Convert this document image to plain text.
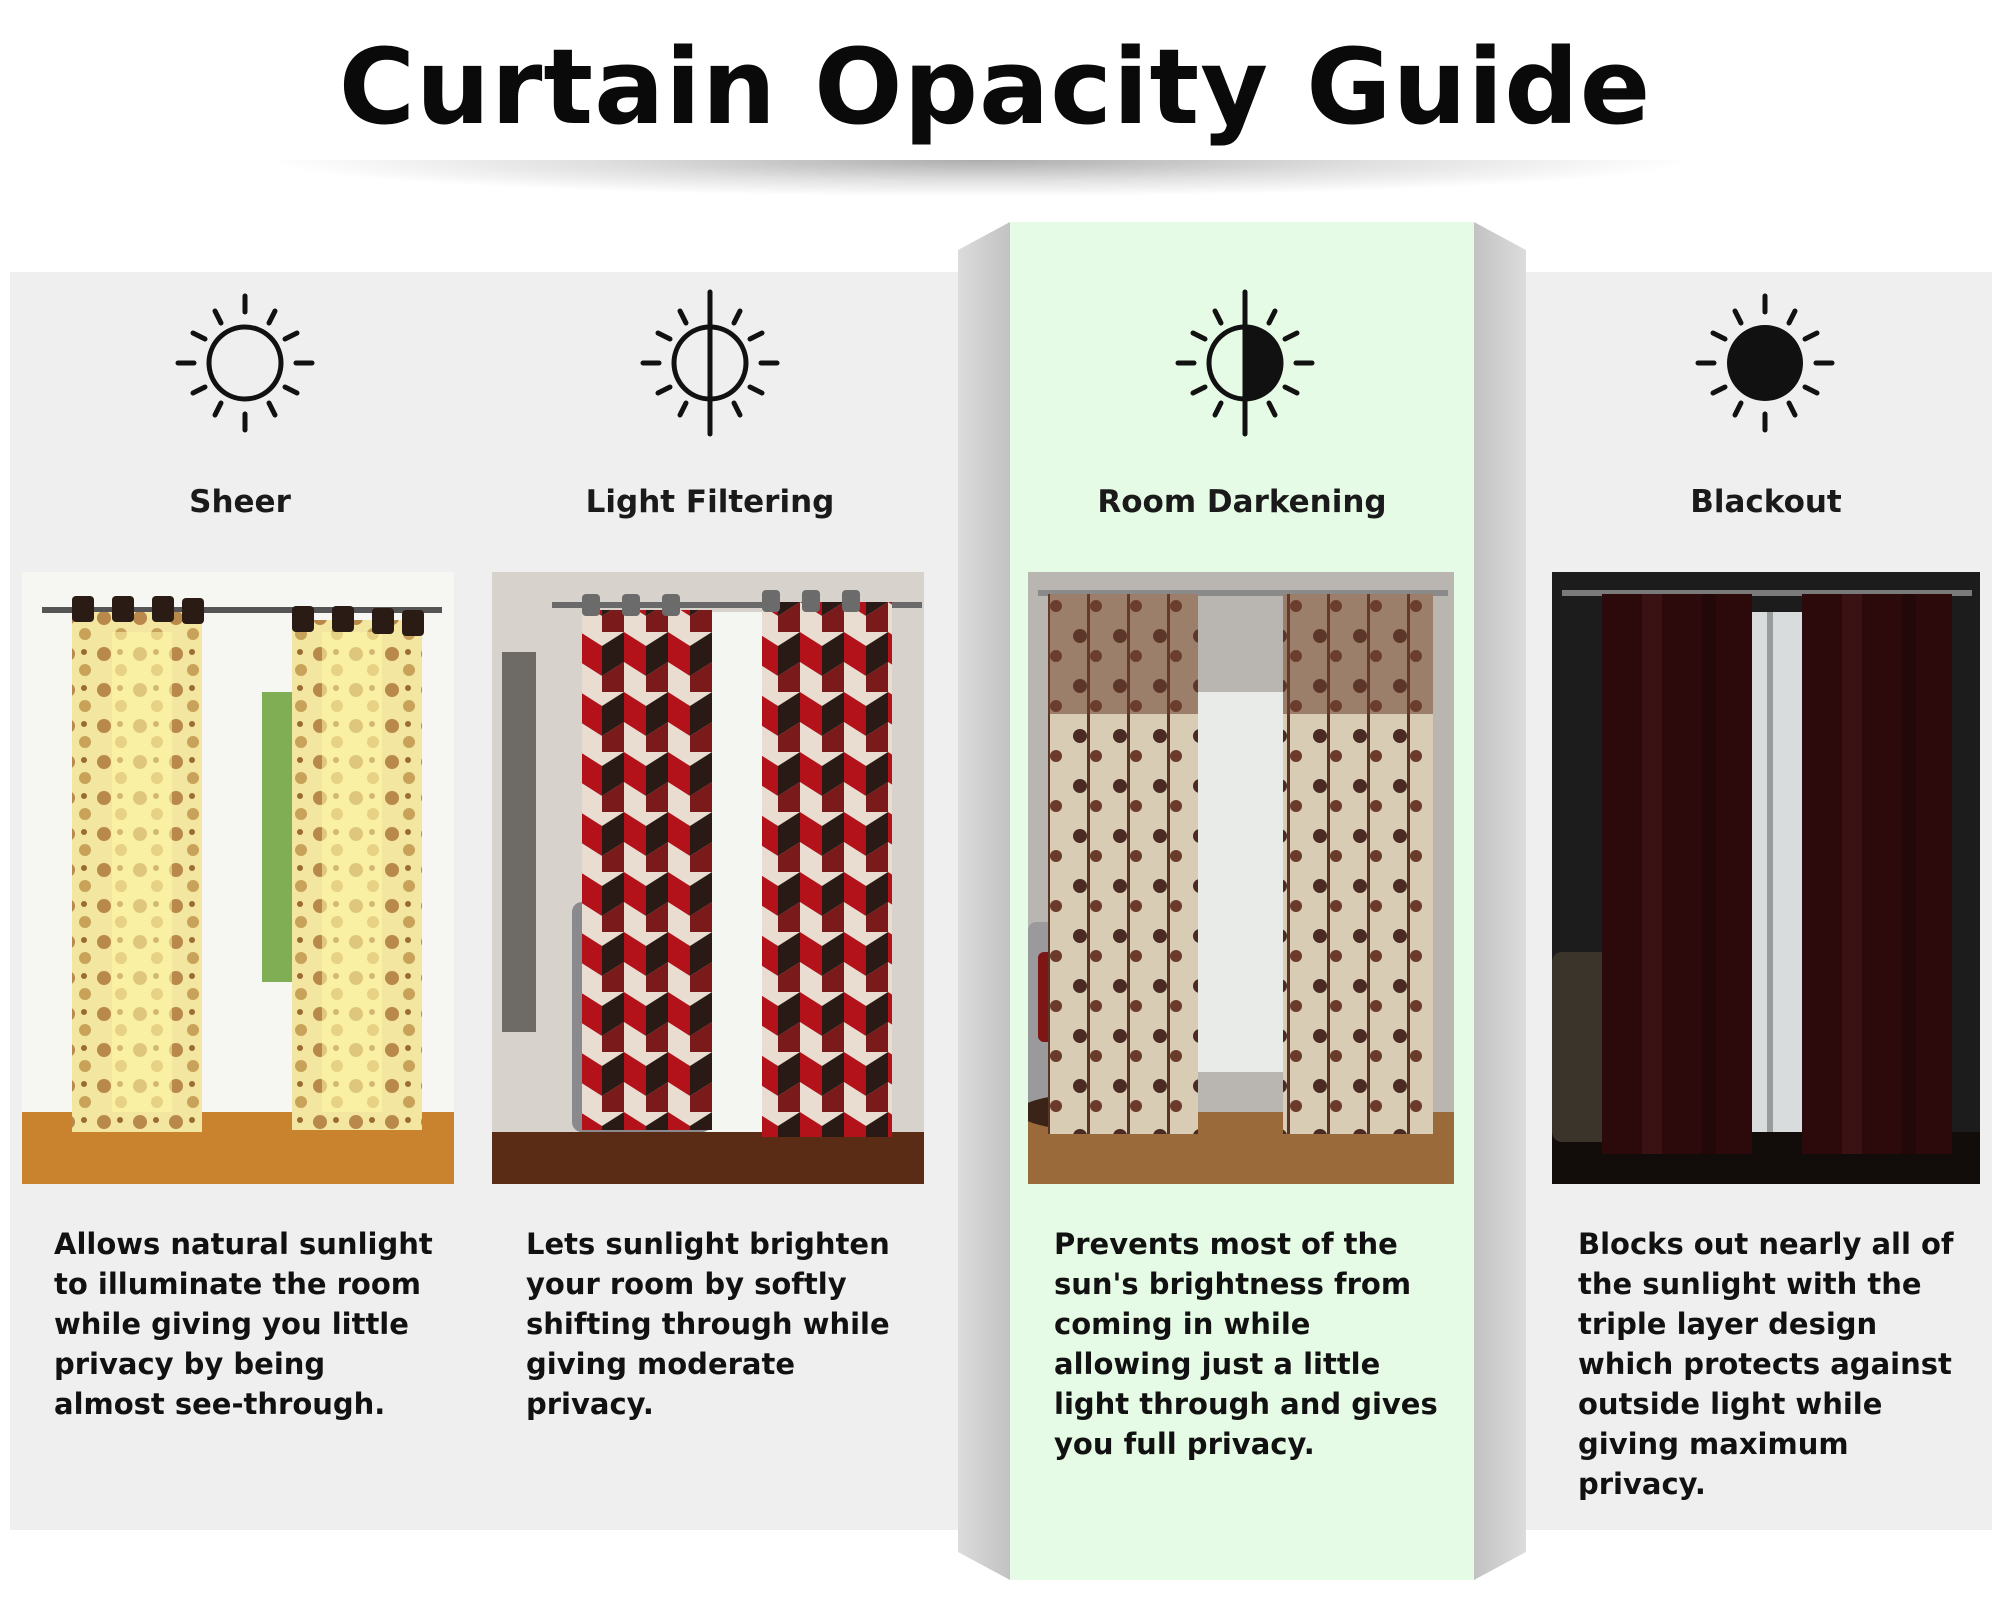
Curtain Opacity Guide
Sheer

Allows natural sunlight
to illuminate the room
while giving you little
privacy by being
almost see-through.

Light Filtering

Lets sunlight brighten
your room by softly
shifting through while
giving moderate
privacy.

Room Darkening

Prevents most of the
sun's brightness from
coming in while
allowing just a little
light through and gives
you full privacy.

Blackout

Blocks out nearly all of
the sunlight with the
triple layer design
which protects against
outside light while
giving maximum
privacy.
